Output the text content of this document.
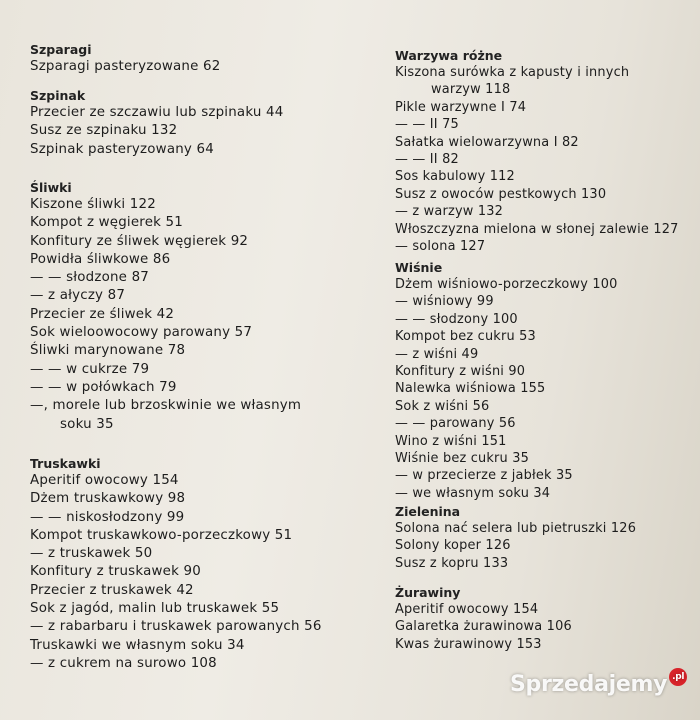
Szparagi
Szparagi pasteryzowane 62
Szpinak
Przecier ze szczawiu lub szpinaku 44
Susz ze szpinaku 132
Szpinak pasteryzowany 64
Śliwki
Kiszone śliwki 122
Kompot z węgierek 51
Konfitury ze śliwek węgierek 92
Powidła śliwkowe 86
— — słodzone 87
— z ałyczy 87
Przecier ze śliwek 42
Sok wieloowocowy parowany 57
Śliwki marynowane 78
— — w cukrze 79
— — w połówkach 79
—, morele lub brzoskwinie we własnym
soku 35
Truskawki
Aperitif owocowy 154
Dżem truskawkowy 98
— — niskosłodzony 99
Kompot truskawkowo-porzeczkowy 51
— z truskawek 50
Konfitury z truskawek 90
Przecier z truskawek 42
Sok z jagód, malin lub truskawek 55
— z rabarbaru i truskawek parowanych 56
Truskawki we własnym soku 34
— z cukrem na surowo 108
Warzywa różne
Kiszona surówka z kapusty i innych
warzyw 118
Pikle warzywne I 74
— — II 75
Sałatka wielowarzywna I 82
— — II 82
Sos kabulowy 112
Susz z owoców pestkowych 130
— z warzyw 132
Włoszczyzna mielona w słonej zalewie 127
— solona 127
Wiśnie
Dżem wiśniowo-porzeczkowy 100
— wiśniowy 99
— — słodzony 100
Kompot bez cukru 53
— z wiśni 49
Konfitury z wiśni 90
Nalewka wiśniowa 155
Sok z wiśni 56
— — parowany 56
Wino z wiśni 151
Wiśnie bez cukru 35
— w przecierze z jabłek 35
— we własnym soku 34
Zielenina
Solona nać selera lub pietruszki 126
Solony koper 126
Susz z kopru 133
Żurawiny
Aperitif owocowy 154
Galaretka żurawinowa 106
Kwas żurawinowy 153
Sprzedajemy .pl
